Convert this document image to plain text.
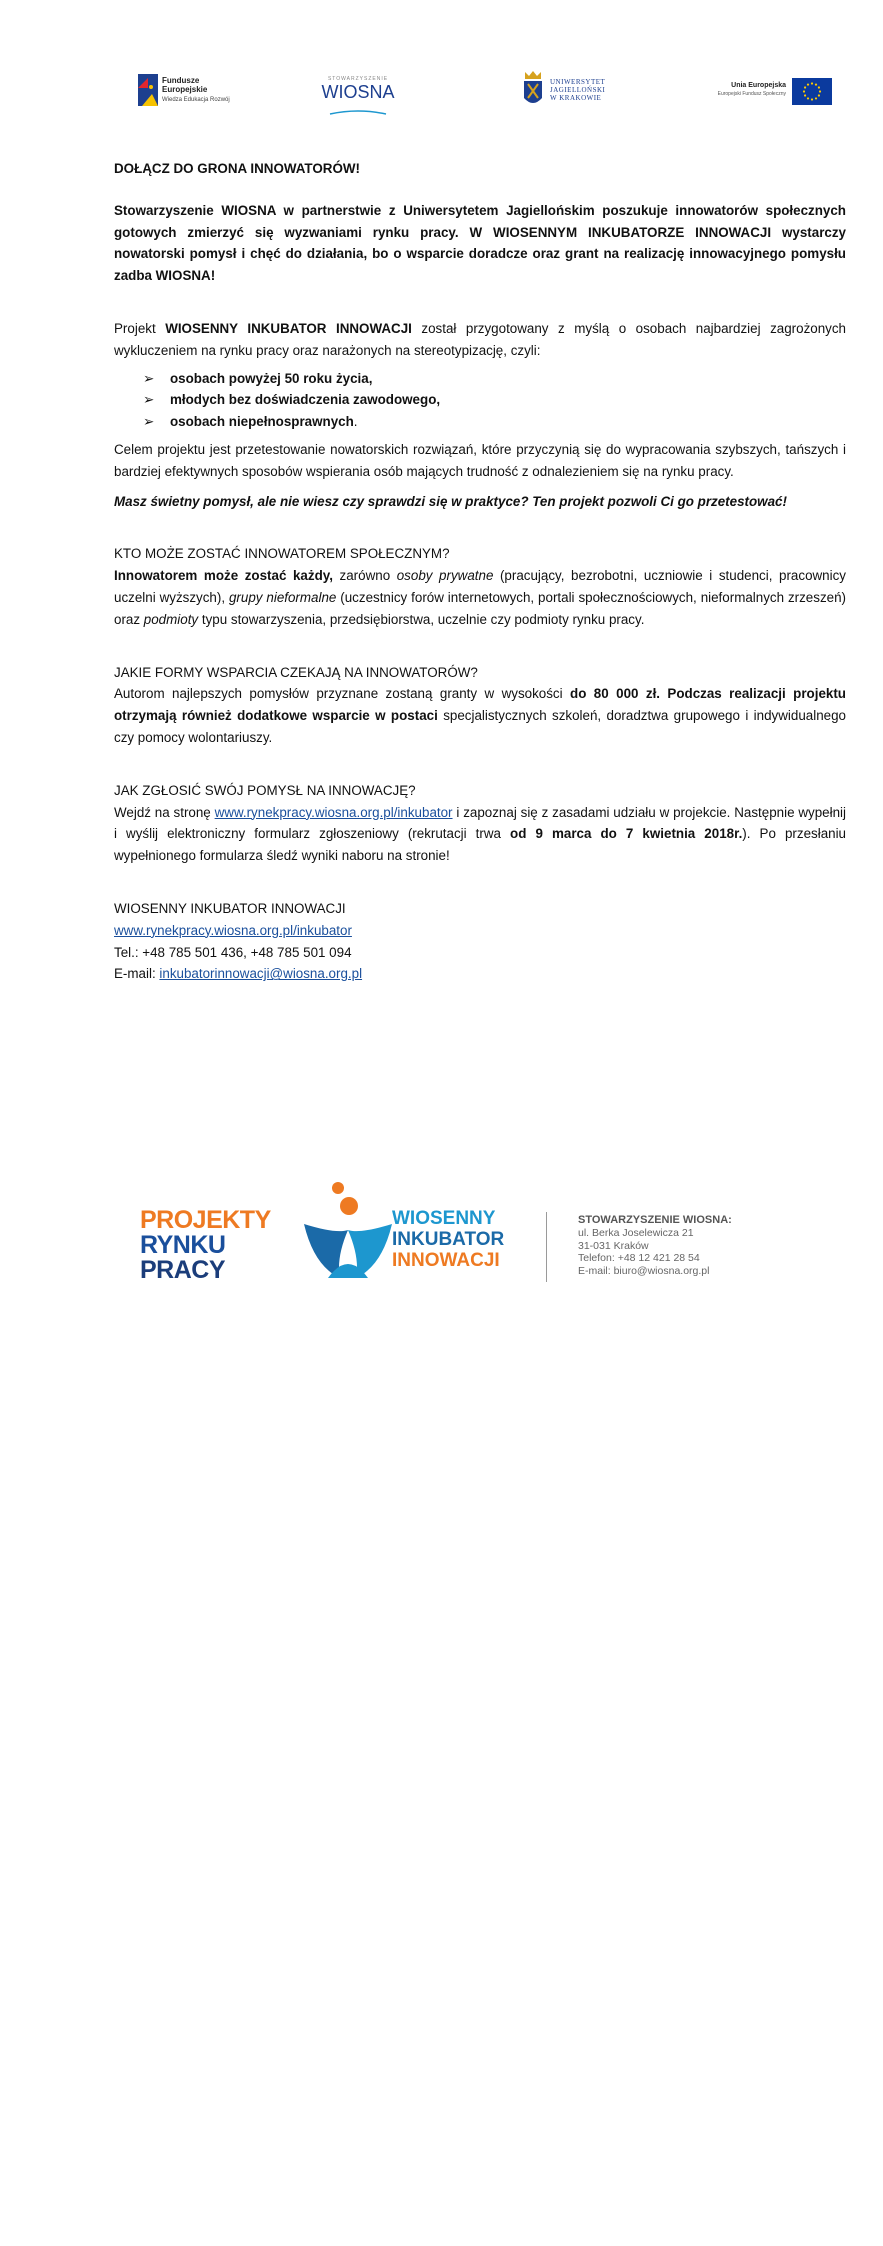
Fundusze
Europejskie
Wiedza Edukacja Rozwój
STOWARZYSZENIE
WIOSNA	UNIWERSYTET
JAGIELLOŃSKI
W KRAKOWIE
Unia Europejska
Europejski Fundusz Społeczny

DOŁĄCZ DO GRONA INNOWATORÓW!

Stowarzyszenie WIOSNA w partnerstwie z Uniwersytetem Jagiellońskim poszukuje innowatorów społecznych gotowych zmierzyć się wyzwaniami rynku pracy. W WIOSENNYM INKUBATORZE INNOWACJI wystarczy nowatorski pomysł i chęć do działania, bo o wsparcie doradcze oraz grant na realizację innowacyjnego pomysłu zadba WIOSNA!

Projekt WIOSENNY INKUBATOR INNOWACJI został przygotowany z myślą o osobach najbardziej zagrożonych wykluczeniem na rynku pracy oraz narażonych na stereotypizację, czyli:

➢ osobach powyżej 50 roku życia,
➢ młodych bez doświadczenia zawodowego,
➢ osobach niepełnosprawnych.

Celem projektu jest przetestowanie nowatorskich rozwiązań, które przyczynią się do wypracowania szybszych, tańszych i bardziej efektywnych sposobów wspierania osób mających trudność z odnalezieniem się na rynku pracy.

Masz świetny pomysł, ale nie wiesz czy sprawdzi się w praktyce? Ten projekt pozwoli Ci go przetestować!

KTO MOŻE ZOSTAĆ INNOWATOREM SPOŁECZNYM?

Innowatorem może zostać każdy, zarówno osoby prywatne (pracujący, bezrobotni, uczniowie i studenci, pracownicy uczelni wyższych), grupy nieformalne (uczestnicy forów internetowych, portali społecznościowych, nieformalnych zrzeszeń) oraz podmioty typu stowarzyszenia, przedsiębiorstwa, uczelnie czy podmioty rynku pracy.

JAKIE FORMY WSPARCIA CZEKAJĄ NA INNOWATORÓW?

Autorom najlepszych pomysłów przyznane zostaną granty w wysokości do 80 000 zł. Podczas realizacji projektu otrzymają również dodatkowe wsparcie w postaci specjalistycznych szkoleń, doradztwa grupowego i indywidualnego czy pomocy wolontariuszy.

JAK ZGŁOSIĆ SWÓJ POMYSŁ NA INNOWACJĘ?

Wejdź na stronę www.rynekpracy.wiosna.org.pl/inkubator i zapoznaj się z zasadami udziału w projekcie. Następnie wypełnij i wyślij elektroniczny formularz zgłoszeniowy (rekrutacji trwa od 9 marca do 7 kwietnia 2018r.). Po przesłaniu wypełnionego formularza śledź wyniki naboru na stronie!

WIOSENNY INKUBATOR INNOWACJI

www.rynekpracy.wiosna.org.pl/inkubator

Tel.: +48 785 501 436, +48 785 501 094

E-mail: inkubatorinnowacji@wiosna.org.pl

PROJEKTY
RYNKU
PRACY
WIOSENNY
INKUBATOR
INNOWACJI
STOWARZYSZENIE WIOSNA:
ul. Berka Joselewicza 21
31-031 Kraków
Telefon: +48 12 421 28 54
E-mail: biuro@wiosna.org.pl
